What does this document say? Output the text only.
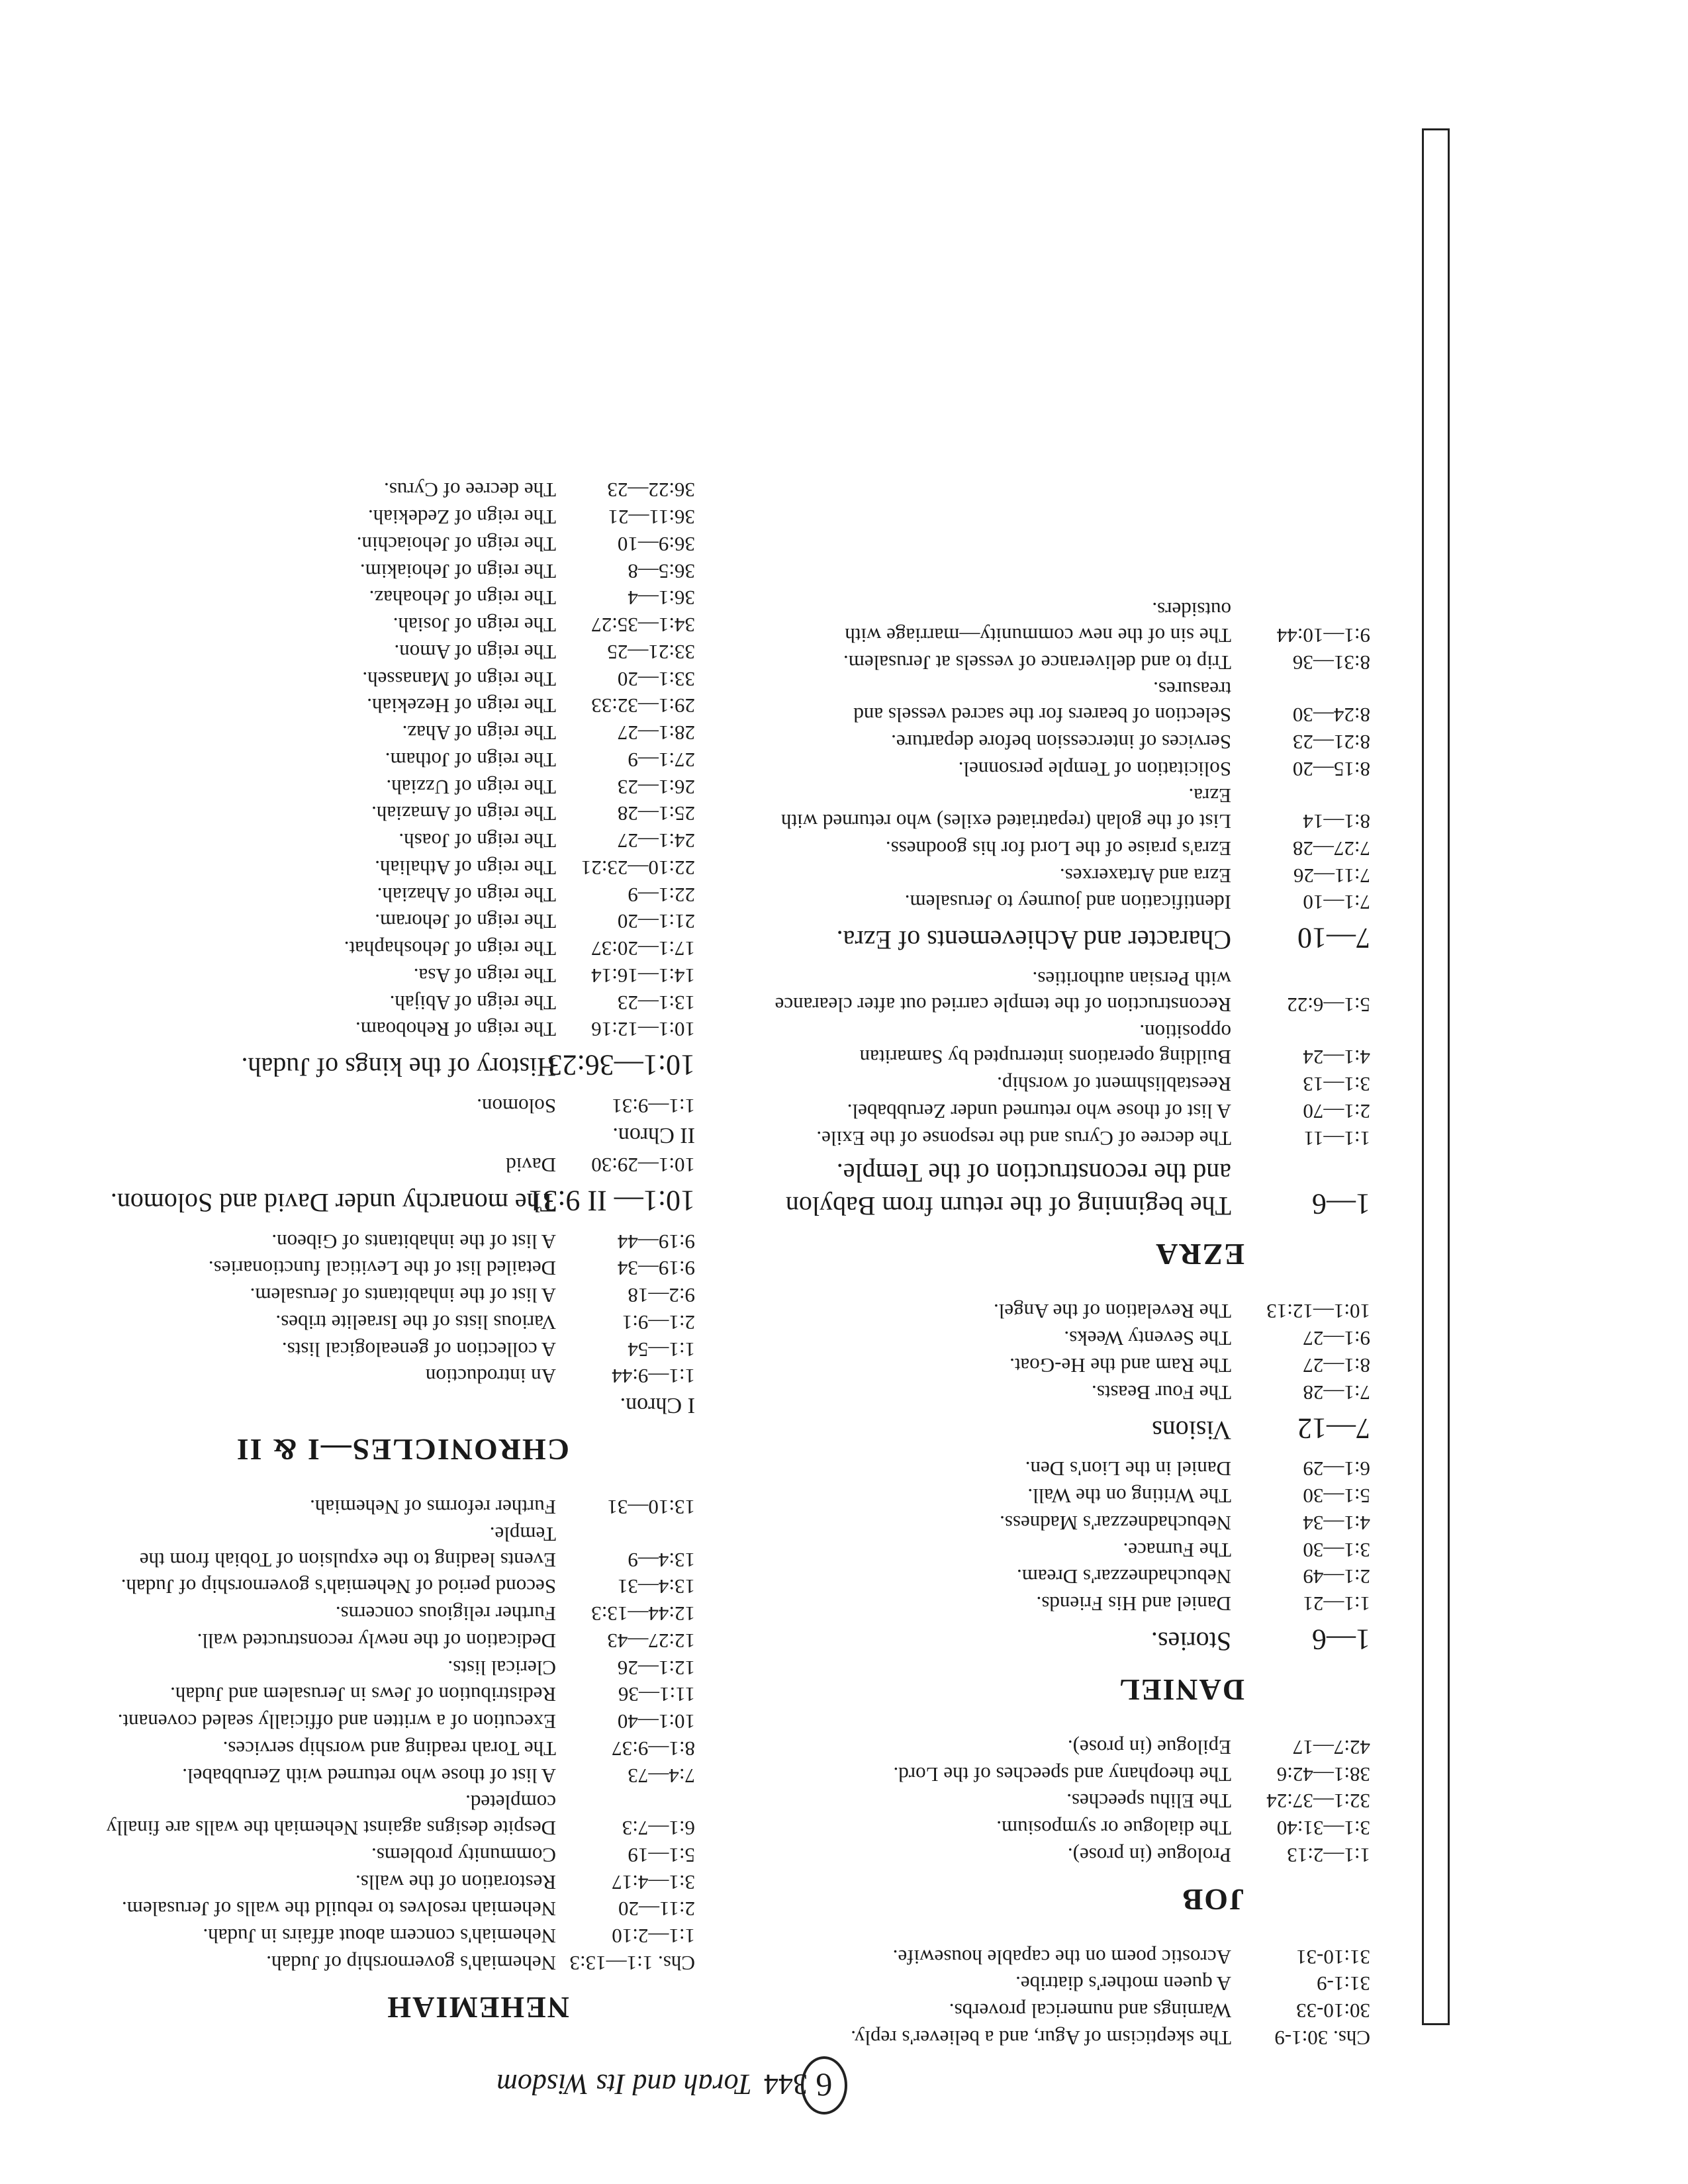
6
344Torah and Its Wisdom
Chs. 30:1-9
The skepticism of Agur, and a believer's reply.
30:10-33
Warnings and numerical proverbs.
31:1-9
A queen mother's diatribe.
31:10-31
Acrostic poem on the capable housewife.
JOB
1:1—2:13
Prologue (in prose).
3:1—31:40
The dialogue or symposium.
32:1—37:24
The Elihu speeches.
38:1—42:6
The theophany and speeches of the Lord.
42:7—17
Epilogue (in prose).
DANIEL
1—6
Stories.
1:1—21
Daniel and His Friends.
2:1—49
Nebuchadnezzar's Dream.
3:1—30
The Furnace.
4:1—34
Nebuchadnezzar's Madness.
5:1—30
The Writing on the Wall.
6:1—29
Daniel in the Lion's Den.
7—12
Visions
7:1—28
The Four Beasts.
8:1—27
The Ram and the He-Goat.
9:1—27
The Seventy Weeks.
10:1—12:13
The Revelation of the Angel.
EZRA
1—6
The beginning of the return from Babylon and the reconstruction of the Temple.
1:1—11
The decree of Cyrus and the response of the Exile.
2:1—70
A list of those who returned under Zerubbabel.
3:1—13
Reestablishment of worship.
4:1—24
Building operations interrupted by Samaritan opposition.
5:1—6:22
Reconstruction of the temple carried out after clearance with Persian authorities.
7—10
Character and Achievements of Ezra.
7:1—10
Identification and journey to Jerusalem.
7:11—26
Ezra and Artaxerxes.
7:27—28
Ezra's praise of the Lord for his goodness.
8:1—14
List of the golah (repatriated exiles) who returned with Ezra.
8:15—20
Solicitation of Temple personnel.
8:21—23
Services of intercession before departure.
8:24—30
Selection of bearers for the sacred vessels and treasures.
8:31—36
Trip to and deliverance of vessels at Jerusalem.
9:1—10:44
The sin of the new community—marriage with outsiders.
NEHEMIAH
Chs. 1:1—13:3
Nehemiah's governorship of Judah.
1:1—2:10
Nehemiah's concern about affairs in Judah.
2:11—20
Nehemiah resolves to rebuild the walls of Jerusalem.
3:1—4:17
Restoration of the walls.
5:1—19
Community problems.
6:1—7:3
Despite designs against Nehemiah the walls are finally completed.
7:4—73
A list of those who returned with Zerubbabel.
8:1—9:37
The Torah reading and worship services.
10:1—40
Execution of a written and officially sealed covenant.
11:1—36
Redistribution of Jews in Jerusalem and Judah.
12:1—26
Clerical lists.
12:27—43
Dedication of the newly reconstructed wall.
12:44—13:3
Further religious concerns.
13:4—31
Second period of Nehemiah's governorship of Judah.
13:4—9
Events leading to the expulsion of Tobiah from the Temple.
13:10—31
Further reforms of Nehemiah.
CHRONICLES—I & II
I Chron.
1:1—9:44
An introduction
1:1—54
A collection of genealogical lists.
2:1—9:1
Various lists of the Israelite tribes.
9:2—18
A list of the inhabitants of Jerusalem.
9:19—34
Detailed list of the Levitical functionaries.
9:19—44
A list of the inhabitants of Gibeon.
10:1— II 9:31
The monarchy under David and Solomon.
10:1—29:30
David
II Chron.
1:1—9:31
Solomon.
10:1—36:23
History of the kings of Judah.
10:1—12:16
The reign of Rehoboam.
13:1—23
The reign of Abijah.
14:1—16:14
The reign of Asa.
17:1—20:37
The reign of Jehoshaphat.
21:1—20
The reign of Jehoram.
22:1—9
The reign of Ahaziah.
22:10—23:21
The reign of Athaliah.
24:1—27
The reign of Joash.
25:1—28
The reign of Amaziah.
26:1—23
The reign of Uzziah.
27:1—9
The reign of Jotham.
28:1—27
The reign of Ahaz.
29:1—32:33
The reign of Hezekiah.
33:1—20
The reign of Manasseh.
33:21—25
The reign of Amon.
34:1—35:27
The reign of Josiah.
36:1—4
The reign of Jehoahaz.
36:5—8
The reign of Jehoiakim.
36:9—10
The reign of Jehoiachin.
36:11—21
The reign of Zedekiah.
36:22—23
The decree of Cyrus.
